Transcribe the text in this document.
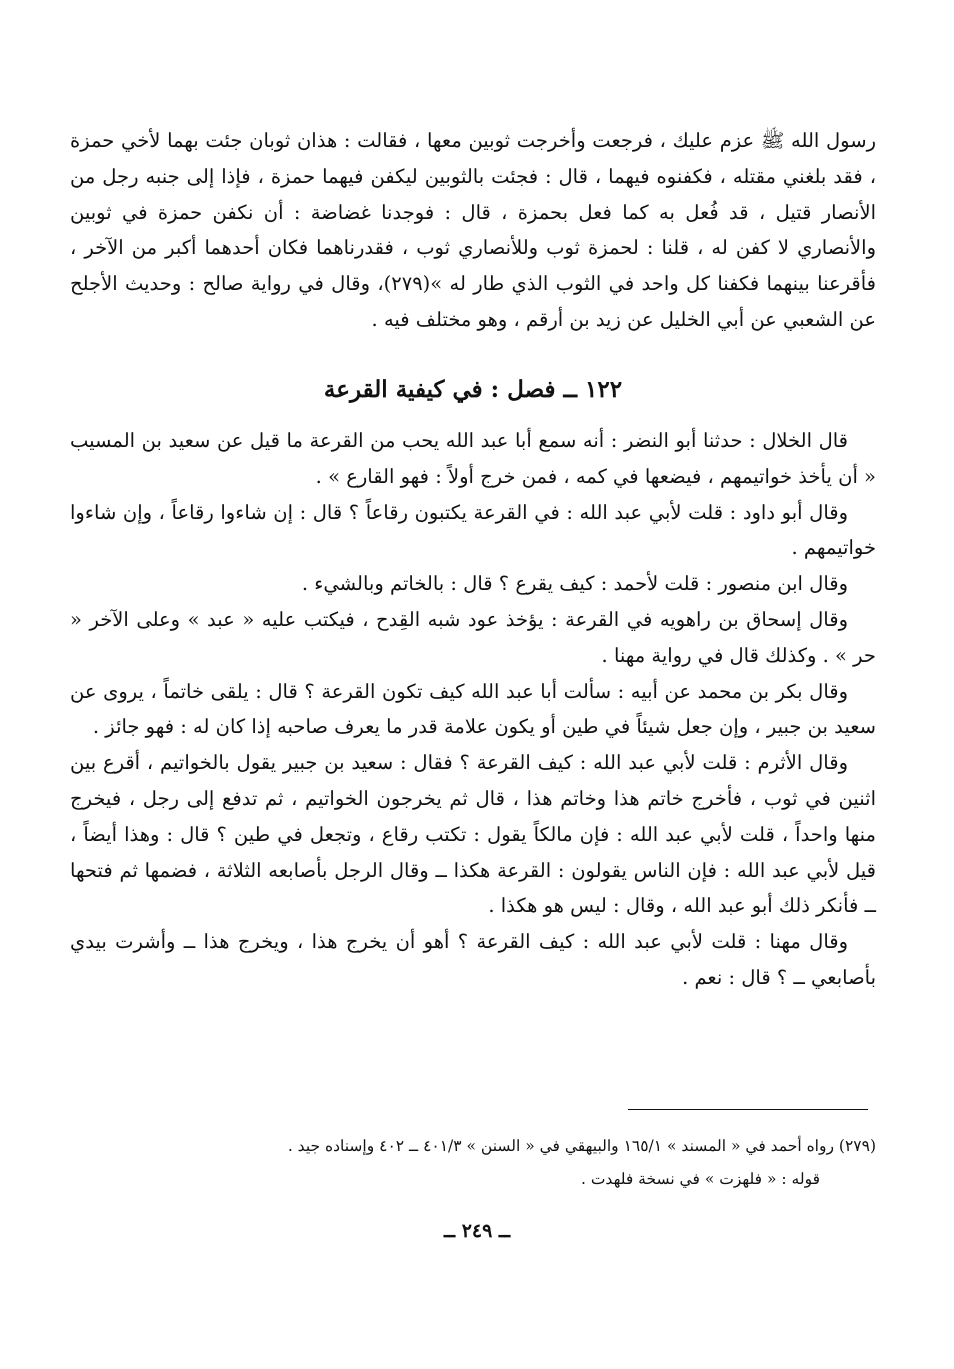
رسول الله ﷺ عزم عليك ، فرجعت وأخرجت ثوبين معها ، فقالت : هذان ثوبان جئت بهما لأخي حمزة ، فقد بلغني مقتله ، فكفنوه فيهما ، قال : فجئت بالثوبين ليكفن فيهما حمزة ، فإذا إلى جنبه رجل من الأنصار قتيل ، قد فُعل به كما فعل بحمزة ، قال : فوجدنا غضاضة : أن نكفن حمزة في ثوبين والأنصاري لا كفن له ، قلنا : لحمزة ثوب وللأنصاري ثوب ، فقدرناهما فكان أحدهما أكبر من الآخر ، فأقرعنا بينهما فكفنا كل واحد في الثوب الذي طار له »(٢٧٩)، وقال في رواية صالح : وحديث الأجلح عن الشعبي عن أبي الخليل عن زيد بن أرقم ، وهو مختلف فيه .

١٢٢ ــ فصل : في كيفية القرعة

قال الخلال : حدثنا أبو النضر : أنه سمع أبا عبد الله يحب من القرعة ما قيل عن سعيد بن المسيب « أن يأخذ خواتيمهم ، فيضعها في كمه ، فمن خرج أولاً : فهو القارع » .

وقال أبو داود : قلت لأبي عبد الله : في القرعة يكتبون رقاعاً ؟ قال : إن شاءوا رقاعاً ، وإن شاءوا خواتيمهم .

وقال ابن منصور : قلت لأحمد : كيف يقرع ؟ قال : بالخاتم وبالشيء .

وقال إسحاق بن راهويه في القرعة : يؤخذ عود شبه القِدح ، فيكتب عليه « عبد » وعلى الآخر « حر » . وكذلك قال في رواية مهنا .

وقال بكر بن محمد عن أبيه : سألت أبا عبد الله كيف تكون القرعة ؟ قال : يلقى خاتماً ، يروى عن سعيد بن جبير ، وإن جعل شيئاً في طين أو يكون علامة قدر ما يعرف صاحبه إذا كان له : فهو جائز .

وقال الأثرم : قلت لأبي عبد الله : كيف القرعة ؟ فقال : سعيد بن جبير يقول بالخواتيم ، أقرع بين اثنين في ثوب ، فأخرج خاتم هذا وخاتم هذا ، قال ثم يخرجون الخواتيم ، ثم تدفع إلى رجل ، فيخرج منها واحداً ، قلت لأبي عبد الله : فإن مالكاً يقول : تكتب رقاع ، وتجعل في طين ؟ قال : وهذا أيضاً ، قيل لأبي عبد الله : فإن الناس يقولون : القرعة هكذا ــ وقال الرجل بأصابعه الثلاثة ، فضمها ثم فتحها ــ فأنكر ذلك أبو عبد الله ، وقال : ليس هو هكذا .

وقال مهنا : قلت لأبي عبد الله : كيف القرعة ؟ أهو أن يخرج هذا ، ويخرج هذا ــ وأشرت بيدي بأصابعي ــ ؟ قال : نعم .

(٢٧٩) رواه أحمد في « المسند » ١٦٥/١ والبيهقي في « السنن » ٤٠١/٣ ــ ٤٠٢ وإسناده جيد .

قوله : « فلهزت » في نسخة فلهدت .

ــ ٢٤٩ ــ
